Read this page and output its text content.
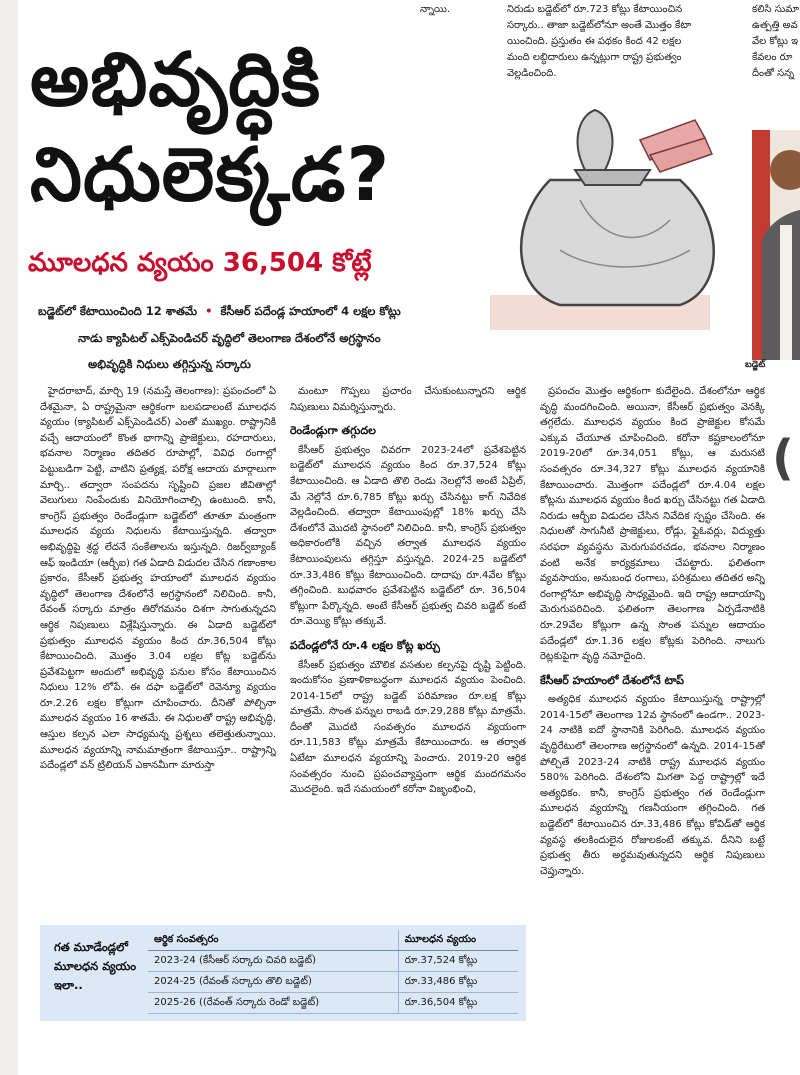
న్నాయి.	నిరుడు బడ్జెట్‌లో రూ.723 కోట్లు కేటాయించిన
సర్కారు.. తాజా బడ్జెట్‌లోనూ అంతే మొత్తం కేటా
యించింది. ప్రస్తుతం ఈ పథకం కింద 42 లక్షల
మంది లబ్ధిదారులు ఉన్నట్లుగా రాష్ట్ర ప్రభుత్వం
వెల్లడించింది.
కలిసి సుమా
ఉత్పత్తి అవ
వేల కోట్లు ఇ
కేవలం రూ
దీంతో సన్న
బడ్జెట్
(
అభివృద్ధికి
నిధులెక్కడ?
మూలధన వ్యయం 36,504 కోట్లే
బడ్జెట్‌లో కేటాయించింది 12 శాతమే • కేసీఆర్ పదేండ్ల హయాంలో 4 లక్షల కోట్లు
నాడు క్యాపిటల్ ఎక్స్‌పెండిచర్ వృద్ధిలో తెలంగాణ దేశంలోనే అగ్రస్థానం
అభివృద్ధికి నిధులు తగ్గిస్తున్న సర్కారు

హైదరాబాద్, మార్చి 19 (నమస్తే తెలంగాణ): ప్రపంచంలో ఏ దేశమైనా, ఏ రాష్ట్రమైనా ఆర్థికంగా బలపడాలంటే మూలధన వ్యయం (క్యాపిటల్ ఎక్స్‌పెండిచర్) ఎంతో ముఖ్యం. రాష్ట్రానికి వచ్చే ఆదాయంలో కొంత భాగాన్ని ప్రాజెక్టులు, రహదారులు, భవనాల నిర్మాణం తదితర రూపాల్లో, వివిధ రంగాల్లో పెట్టుబడిగా పెట్టి, వాటిని ప్రత్యక్ష, పరోక్ష ఆదాయ మార్గాలుగా మార్చి.. తద్వారా సంపదను సృష్టించి ప్రజల జీవితాల్లో వెలుగులు నింపేందుకు వినియోగించాల్సి ఉంటుంది. కానీ, కాంగ్రెస్ ప్రభుత్వం రెండేండ్లుగా బడ్జెట్‌లో తూతూ మంత్రంగా మూలధన వ్యయ నిధులను కేటాయిస్తున్నది. తద్వారా అభివృద్ధిపై శ్రద్ధ లేదనే సంకేతాలను ఇస్తున్నది. రిజర్వ్‌బ్యాంక్ ఆఫ్ ఇండియా (ఆర్బీఐ) గత ఏడాది విడుదల చేసిన గణాంకాల ప్రకారం, కేసీఆర్ ప్రభుత్వ హయాంలో మూలధన వ్యయం వృద్ధిలో తెలంగాణ దేశంలోనే అగ్రస్థానంలో నిలిచింది. కానీ, రేవంత్ సర్కారు మాత్రం తిరోగమనం దిశగా సాగుతున్నదని ఆర్థిక నిపుణులు విశ్లేషిస్తున్నారు. ఈ ఏడాది బడ్జెట్‌లో ప్రభుత్వం మూలధన వ్యయం కింద రూ.36,504 కోట్లు కేటాయించింది. మొత్తం 3.04 లక్షల కోట్ల బడ్జెట్‌ను ప్రవేశపెట్టగా అందులో అభివృద్ధి పనుల కోసం కేటాయించిన నిధులు 12% లోపే. ఈ దఫా బడ్జెట్‌లో రెవెన్యూ వ్యయం రూ.2.26 లక్షల కోట్లుగా చూపించారు. దీనితో పోల్చినా మూలధన వ్యయం 16 శాతమే. ఈ నిధులతో రాష్ట్ర అభివృద్ధి, ఆస్తుల కల్పన ఎలా సాధ్యమన్న ప్రశ్నలు తలెత్తుతున్నాయి. మూలధన వ్యయాన్ని నామమాత్రంగా కేటాయిస్తూ.. రాష్ట్రాన్ని పదేండ్లలో వన్ ట్రిలియన్ ఎకానమీగా మారుస్తా

మంటూ గొప్పలు ప్రచారం చేసుకుంటున్నారని ఆర్థిక నిపుణులు విమర్శిస్తున్నారు.

రెండేండ్లుగా తగ్గుదల

కేసీఆర్ ప్రభుత్వం చివరగా 2023-24లో ప్రవేశపెట్టిన బడ్జెట్‌లో మూలధన వ్యయం కింద రూ.37,524 కోట్లు కేటాయించింది. ఆ ఏడాది తొలి రెండు నెలల్లోనే అంటే ఏప్రిల్, మే నెల్లోనే రూ.6,785 కోట్లు ఖర్చు చేసినట్టు కాగ్ నివేదిక వెల్లడించింది. తద్వారా కేటాయింపుల్లో 18% ఖర్చు చేసి దేశంలోనే మొదటి స్థానంలో నిలిచింది. కానీ, కాంగ్రెస్ ప్రభుత్వం అధికారంలోకి వచ్చిన తర్వాత మూలధన వ్యయం కేటాయింపులను తగ్గిస్తూ వస్తున్నది. 2024-25 బడ్జెట్‌లో రూ.33,486 కోట్లు కేటాయించింది. దాదాపు రూ.4వేల కోట్లు తగ్గించింది. బుధవారం ప్రవేశపెట్టిన బడ్జెట్‌లో రూ. 36,504 కోట్లుగా పేర్కొన్నది. అంటే కేసీఆర్ ప్రభుత్వ చివరి బడ్జెట్ కంటే రూ.వెయ్యి కోట్లు తక్కువే.

పదేండ్లలోనే రూ.4 లక్షల కోట్ల ఖర్చు

కేసీఆర్ ప్రభుత్వం మౌలిక వసతుల కల్పనపై దృష్టి పెట్టింది. ఇందుకోసం ప్రణాళికాబద్ధంగా మూలధన వ్యయం పెంచింది. 2014-15లో రాష్ట్ర బడ్జెట్ పరిమాణం రూ.లక్ష కోట్లు మాత్రమే. సొంత పన్నుల రాబడి రూ.29,288 కోట్లు మాత్రమే. దీంతో మొదటి సంవత్సరం మూలధన వ్యయంగా రూ.11,583 కోట్లు మాత్రమే కేటాయించారు. ఆ తర్వాత ఏటేటా మూలధన వ్యయాన్ని పెంచారు. 2019-20 ఆర్థిక సంవత్సరం నుంచి ప్రపంచవ్యాప్తంగా ఆర్థిక మందగమనం మొదలైంది. ఇదే సమయంలో కరోనా విజృంభించి,

ప్రపంచం మొత్తం ఆర్థికంగా కుదేలైంది. దేశంలోనూ ఆర్థిక వృద్ధి మందగించింది. అయినా, కేసీఆర్ ప్రభుత్వం వెనక్కి తగ్గలేదు. మూలధన వ్యయం కింద ప్రాజెక్టుల కోసమే ఎక్కువ చేయూత చూపించింది. కరోనా కష్టకాలంలోనూ 2019-20లో రూ.34,051 కోట్లు, ఆ మరుసటి సంవత్సరం రూ.34,327 కోట్లు మూలధన వ్యయానికి కేటాయించారు. మొత్తంగా పదేండ్లలో రూ.4.04 లక్షల కోట్లను మూలధన వ్యయం కింద ఖర్చు చేసినట్టు గత ఏడాది నిరుడు ఆర్బీఐ విడుదల చేసిన నివేదిక స్పష్టం చేసింది. ఈ నిధులతో సాగునీటి ప్రాజెక్టులు, రోడ్లు, ఫ్లైఓవర్లు, విద్యుత్తు సరఫరా వ్యవస్థను మెరుగుపరచడం, భవనాల నిర్మాణం వంటి అనేక కార్యక్రమాలు చేపట్టారు. ఫలితంగా వ్యవసాయం, అనుబంధ రంగాలు, పరిశ్రమలు తదితర అన్ని రంగాల్లోనూ అభివృద్ధి సాధ్యమైంది. ఇది రాష్ట్ర ఆదాయాన్ని మెరుగుపరిచింది. ఫలితంగా తెలంగాణ ఏర్పడేనాటికి రూ.29వేల కోట్లుగా ఉన్న సొంత పన్నుల ఆదాయం పదేండ్లలో రూ.1.36 లక్షల కోట్లకు పెరిగింది. నాలుగు రెట్లకుపైగా వృద్ధి నమోదైంది.

కేసీఆర్ హయాంలో దేశంలోనే టాప్

అత్యధిక మూలధన వ్యయం కేటాయిస్తున్న రాష్ట్రాల్లో 2014-15లో తెలంగాణ 12వ స్థానంలో ఉండగా.. 2023-24 నాటికి ఐదో స్థానానికి పెరిగింది. మూలధన వ్యయం వృద్ధిరేటులో తెలంగాణ అగ్రస్థానంలో ఉన్నది. 2014-15తో పోల్చితే 2023-24 నాటికి రాష్ట్ర మూలధన వ్యయం 580% పెరిగింది. దేశంలోని మిగతా పెద్ద రాష్ట్రాల్లో ఇదే అత్యధికం. కానీ, కాంగ్రెస్ ప్రభుత్వం గత రెండేండ్లుగా మూలధన వ్యయాన్ని గణనీయంగా తగ్గించింది. గత బడ్జెట్‌లో కేటాయించిన రూ.33,486 కోట్లు కోవిడ్‌తో ఆర్థిక వ్యవస్థ తలకిందులైన రోజులకంటే తక్కువ. దీనిని బట్టే ప్రభుత్వ తీరు అర్థమవుతున్నదని ఆర్థిక నిపుణులు చెప్తున్నారు.

గత మూడేండ్లలో మూలధన వ్యయం ఇలా..
ఆర్థిక సంవత్సరం	మూలధన వ్యయం
2023-24 (కేసీఆర్ సర్కారు చివరి బడ్జెట్)	రూ.37,524 కోట్లు
2024-25 (రేవంత్ సర్కారు తొలి బడ్జెట్)	రూ.33,486 కోట్లు
2025-26 ((రేవంత్ సర్కారు రెండో బడ్జెట్)	రూ.36,504 కోట్లు
